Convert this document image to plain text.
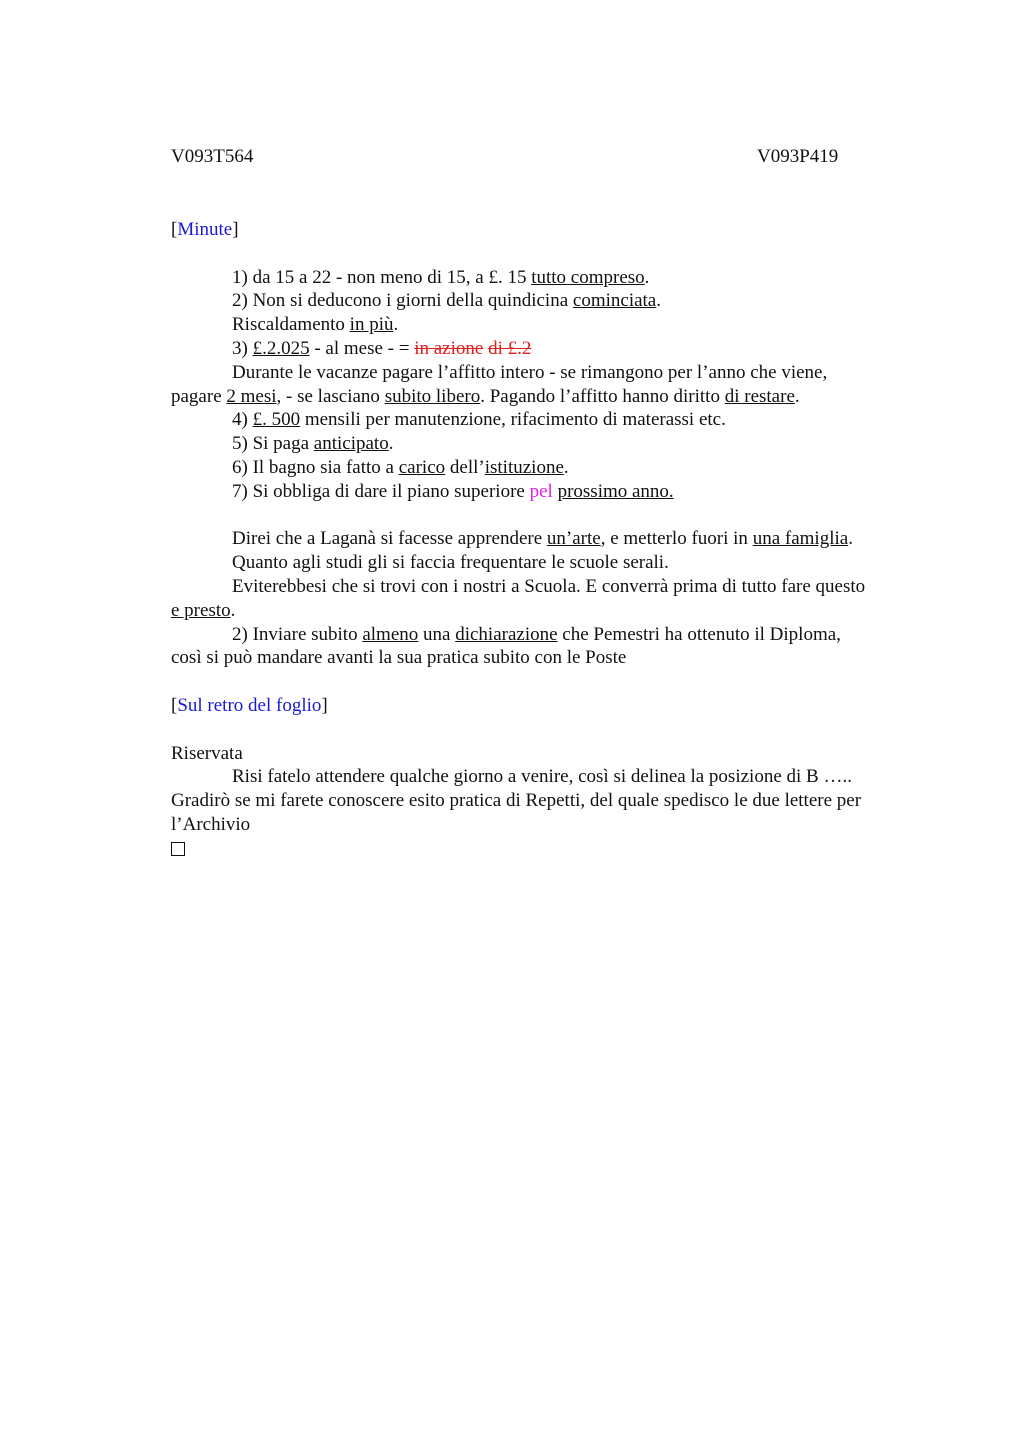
V093T564	V093P419
[Minute]
1) da 15 a 22 - non meno di 15, a £. 15 tutto compreso.
2) Non si deducono i giorni della quindicina cominciata.
Riscaldamento in più.
3) £.2.025 - al mese - = in azione di £.2
Durante le vacanze pagare l’affitto intero - se rimangono per l’anno che viene,
pagare 2 mesi, - se lasciano subito libero. Pagando l’affitto hanno diritto di restare.
4) £. 500 mensili per manutenzione, rifacimento di materassi etc.
5) Si paga anticipato.
6) Il bagno sia fatto a carico dell’istituzione.
7) Si obbliga di dare il piano superiore pel prossimo anno.
Direi che a Laganà si facesse apprendere un’arte, e metterlo fuori in una famiglia.
Quanto agli studi gli si faccia frequentare le scuole serali.
Eviterebbesi che si trovi con i nostri a Scuola. E converrà prima di tutto fare questo
e presto.
2) Inviare subito almeno una dichiarazione che Pemestri ha ottenuto il Diploma,
così si può mandare avanti la sua pratica subito con le Poste
[Sul retro del foglio]
Riservata
Risi fatelo attendere qualche giorno a venire, così si delinea la posizione di B …..
Gradirò se mi farete conoscere esito pratica di Repetti, del quale spedisco le due lettere per
l’Archivio
